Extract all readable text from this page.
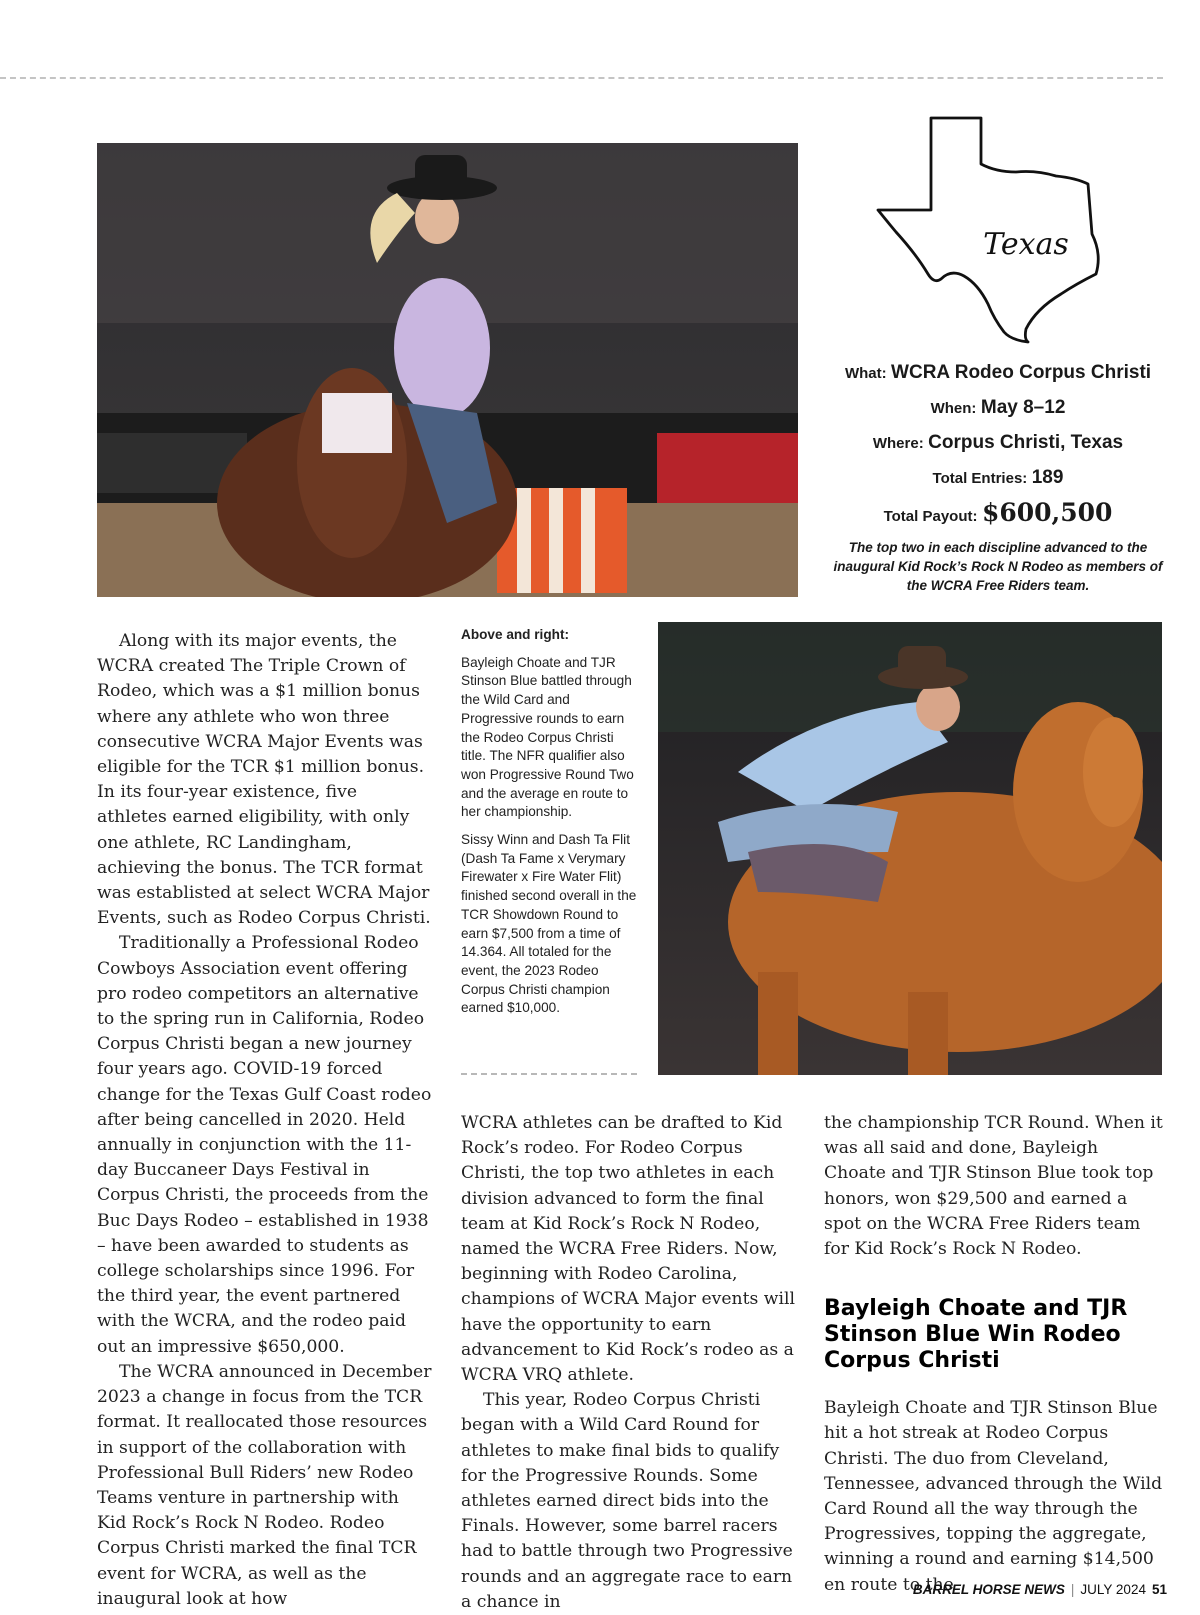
Texas

What: WCRA Rodeo Corpus Christi

When: May 8–12

Where: Corpus Christi, Texas

Total Entries: 189

Total Payout: $600,500

The top two in each discipline advanced to the inaugural Kid Rock’s Rock N Rodeo as members of the WCRA Free Riders team.

Above and right:

Bayleigh Choate and TJR Stinson Blue battled through the Wild Card and Progressive rounds to earn the Rodeo Corpus Christi title. The NFR qualifier also won Progressive Round Two and the average en route to her championship.

Sissy Winn and Dash Ta Flit (Dash Ta Fame x Verymary Firewater x Fire Water Flit) finished second overall in the TCR Showdown Round to earn $7,500 from a time of 14.364. All totaled for the event, the 2023 Rodeo Corpus Christi champion earned $10,000.

Along with its major events, the WCRA created The Triple Crown of Rodeo, which was a $1 million bonus where any athlete who won three consecutive WCRA Major Events was eligible for the TCR $1 million bonus. In its four-year existence, five athletes earned eligibility, with only one athlete, RC Landingham, achieving the bonus. The TCR format was establisted at select WCRA Major Events, such as Rodeo Corpus Christi.

Traditionally a Professional Rodeo Cowboys Association event offering pro rodeo competitors an alternative to the spring run in California, Rodeo Corpus Christi began a new journey four years ago. COVID-19 forced change for the Texas Gulf Coast rodeo after being cancelled in 2020. Held annually in conjunction with the 11-day Buccaneer Days Festival in Corpus Christi, the proceeds from the Buc Days Rodeo – established in 1938 – have been awarded to students as college scholarships since 1996. For the third year, the event partnered with the WCRA, and the rodeo paid out an impressive $650,000.

The WCRA announced in December 2023 a change in focus from the TCR format. It reallocated those resources in support of the collaboration with Professional Bull Riders’ new Rodeo Teams venture in partnership with Kid Rock’s Rock N Rodeo. Rodeo Corpus Christi marked the final TCR event for WCRA, as well as the inaugural look at how

WCRA athletes can be drafted to Kid Rock’s rodeo. For Rodeo Corpus Christi, the top two athletes in each division advanced to form the final team at Kid Rock’s Rock N Rodeo, named the WCRA Free Riders. Now, beginning with Rodeo Carolina, champions of WCRA Major events will have the opportunity to earn advancement to Kid Rock’s rodeo as a WCRA VRQ athlete.

This year, Rodeo Corpus Christi began with a Wild Card Round for athletes to make final bids to qualify for the Progressive Rounds. Some athletes earned direct bids into the Finals. However, some barrel racers had to battle through two Progressive rounds and an aggregate race to earn a chance in

the championship TCR Round. When it was all said and done, Bayleigh Choate and TJR Stinson Blue took top honors, won $29,500 and earned a spot on the WCRA Free Riders team for Kid Rock’s Rock N Rodeo.

Bayleigh Choate and TJR Stinson Blue Win Rodeo Corpus Christi

Bayleigh Choate and TJR Stinson Blue hit a hot streak at Rodeo Corpus Christi. The duo from Cleveland, Tennessee, advanced through the Wild Card Round all the way through the Progressives, topping the aggregate, winning a round and earning $14,500 en route to the

BARREL HORSE NEWS | JULY 2024 51
